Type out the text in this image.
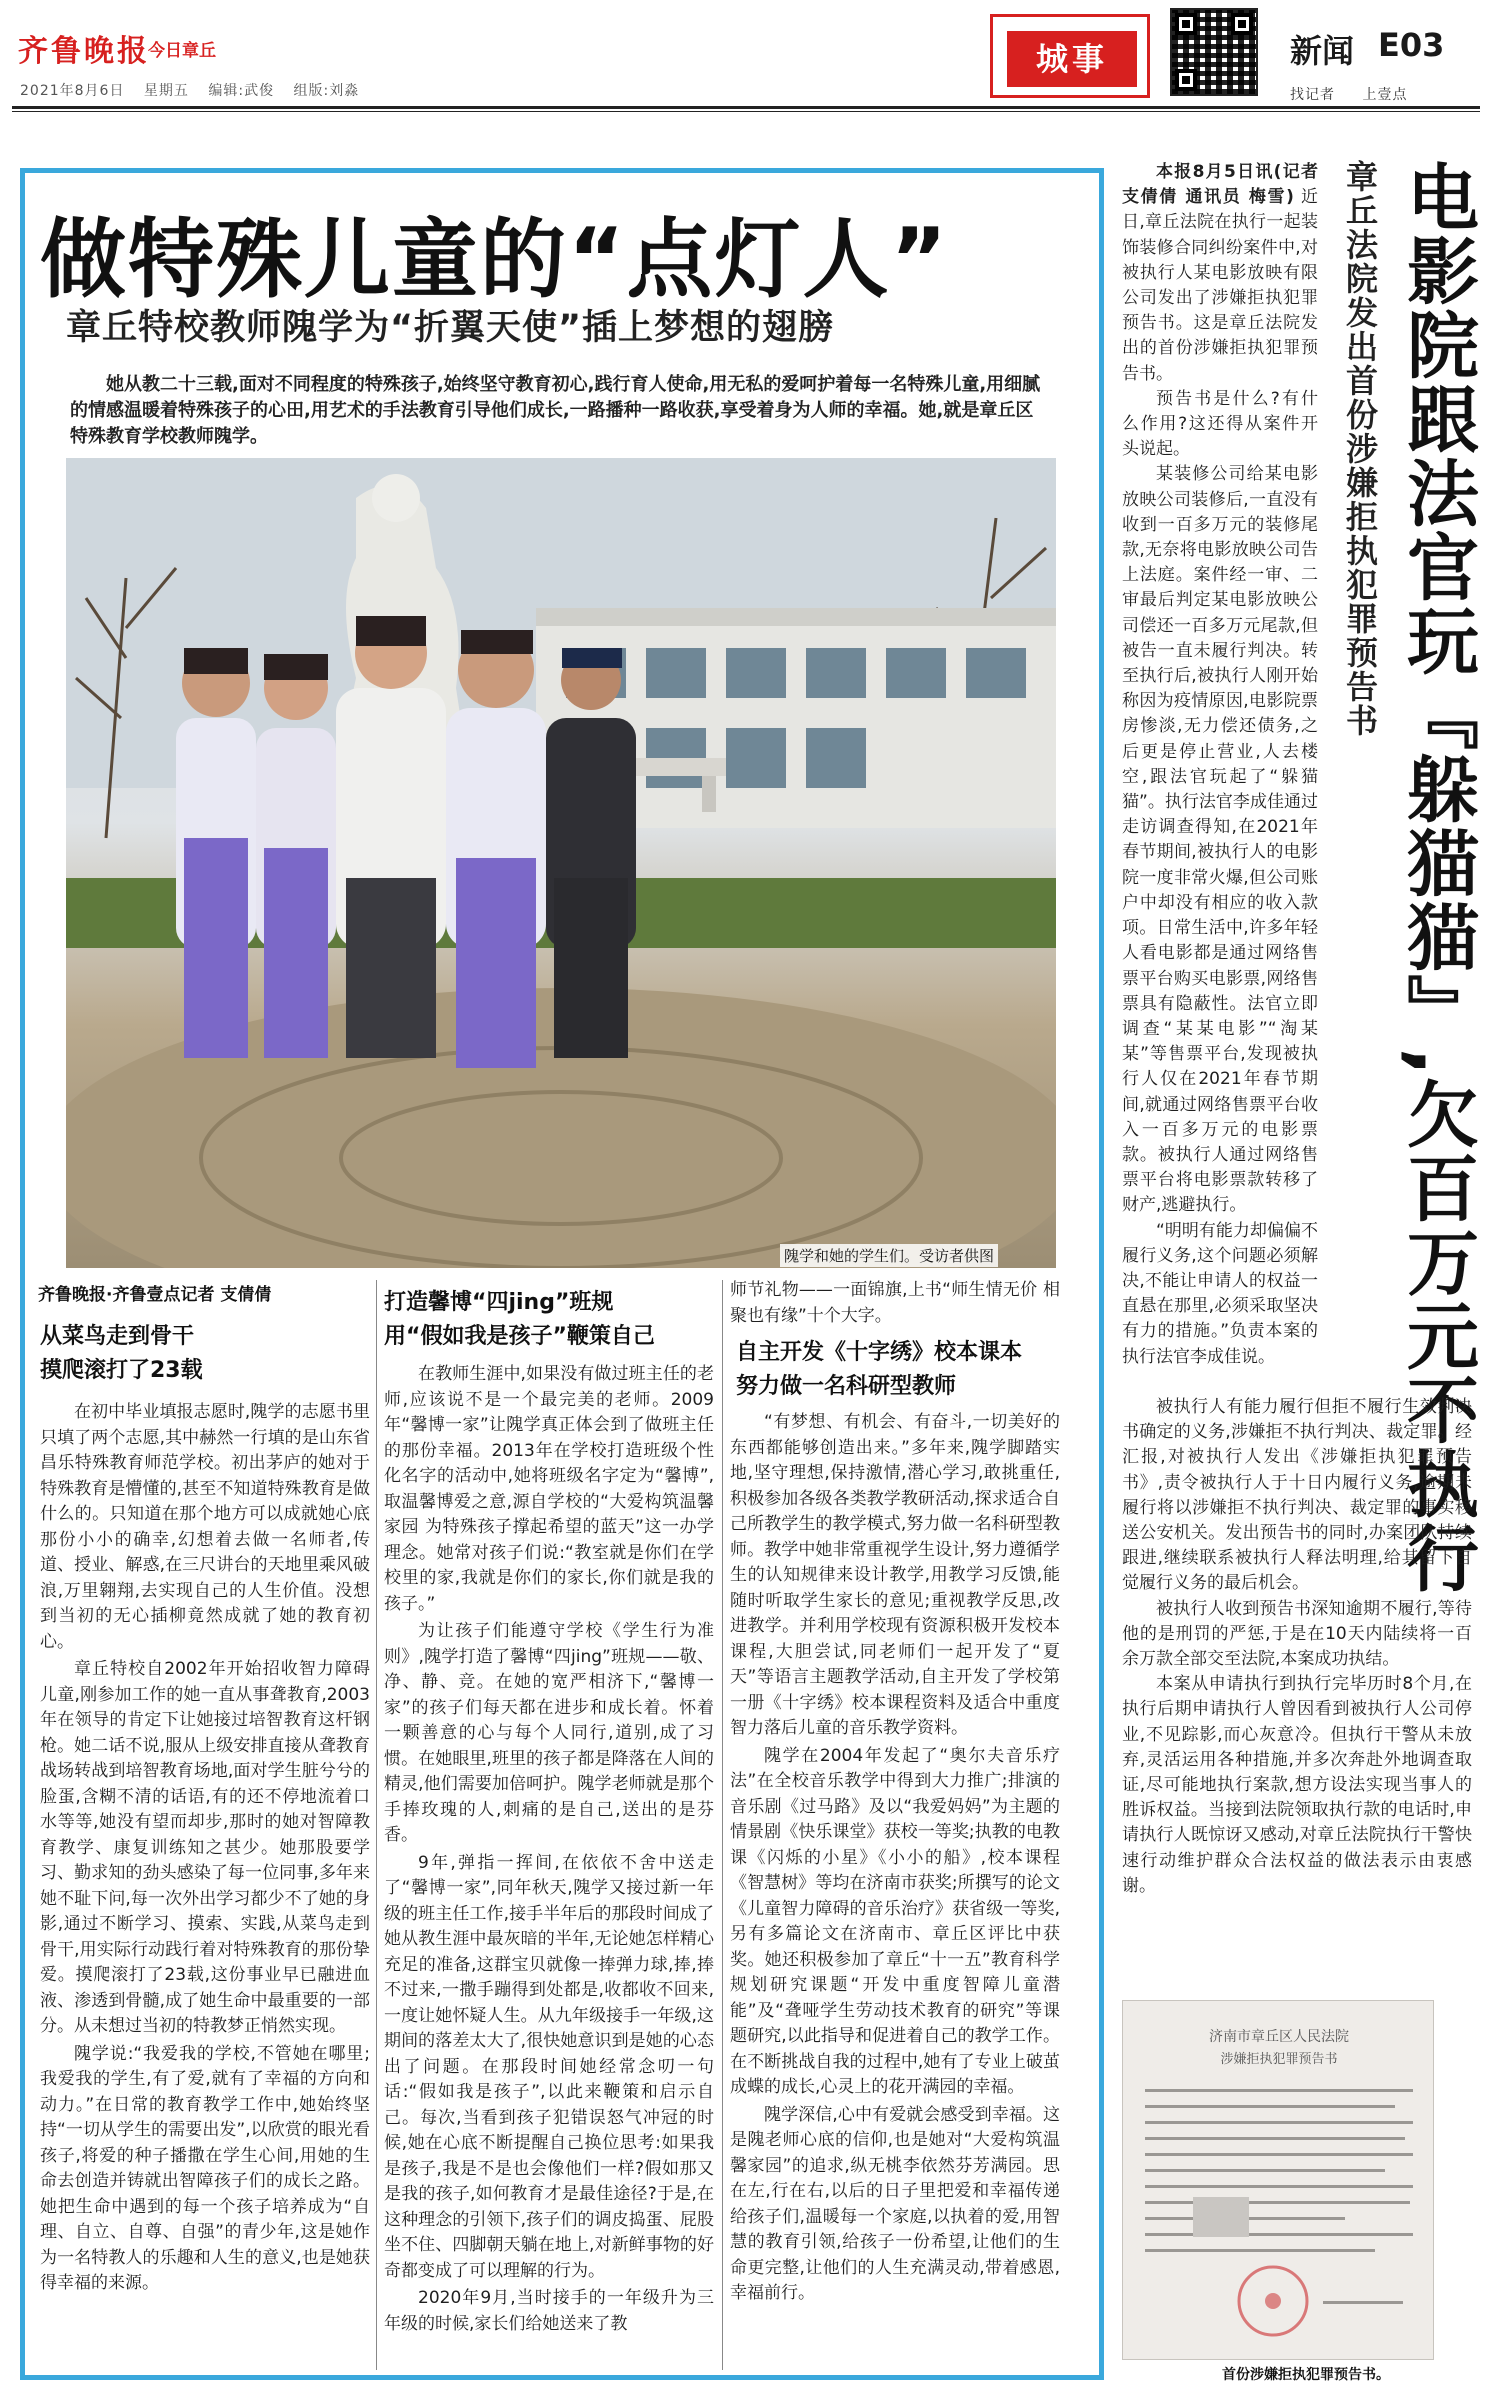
齐鲁晚报
今日章丘
2021年8月6日 星期五 编辑:武俊 组版:刘淼
城事	新闻 E03
找记者 上壹点
做特殊儿童的“点灯人”
章丘特校教师隗学为“折翼天使”插上梦想的翅膀
她从教二十三载,面对不同程度的特殊孩子,始终坚守教育初心,践行育人使命,用无私的爱呵护着每一名特殊儿童,用细腻的情感温暖着特殊孩子的心田,用艺术的手法教育引导他们成长,一路播种一路收获,享受着身为人师的幸福。她,就是章丘区特殊教育学校教师隗学。
隗学和她的学生们。受访者供图
齐鲁晚报·齐鲁壹点记者 支倩倩
从菜鸟走到骨干
摸爬滚打了23载

在初中毕业填报志愿时,隗学的志愿书里只填了两个志愿,其中赫然一行填的是山东省昌乐特殊教育师范学校。初出茅庐的她对于特殊教育是懵懂的,甚至不知道特殊教育是做什么的。只知道在那个地方可以成就她心底那份小小的确幸,幻想着去做一名师者,传道、授业、解惑,在三尺讲台的天地里乘风破浪,万里翱翔,去实现自己的人生价值。没想到当初的无心插柳竟然成就了她的教育初心。

章丘特校自2002年开始招收智力障碍儿童,刚参加工作的她一直从事聋教育,2003年在领导的肯定下让她接过培智教育这杆钢枪。她二话不说,服从上级安排直接从聋教育战场转战到培智教育场地,面对学生脏兮兮的脸蛋,含糊不清的话语,有的还不停地流着口水等等,她没有望而却步,那时的她对智障教育教学、康复训练知之甚少。她那股要学习、勤求知的劲头感染了每一位同事,多年来她不耻下问,每一次外出学习都少不了她的身影,通过不断学习、摸索、实践,从菜鸟走到骨干,用实际行动践行着对特殊教育的那份挚爱。摸爬滚打了23载,这份事业早已融进血液、渗透到骨髓,成了她生命中最重要的一部分。从未想过当初的特教梦正悄然实现。

隗学说:“我爱我的学校,不管她在哪里;我爱我的学生,有了爱,就有了幸福的方向和动力。”在日常的教育教学工作中,她始终坚持“一切从学生的需要出发”,以欣赏的眼光看孩子,将爱的种子播撒在学生心间,用她的生命去创造并铸就出智障孩子们的成长之路。她把生命中遇到的每一个孩子培养成为“自理、自立、自尊、自强”的青少年,这是她作为一名特教人的乐趣和人生的意义,也是她获得幸福的来源。

打造馨博“四jing”班规
用“假如我是孩子”鞭策自己

在教师生涯中,如果没有做过班主任的老师,应该说不是一个最完美的老师。2009年“馨博一家”让隗学真正体会到了做班主任的那份幸福。2013年在学校打造班级个性化名字的活动中,她将班级名字定为“馨博”,取温馨博爱之意,源自学校的“大爱构筑温馨家园 为特殊孩子撑起希望的蓝天”这一办学理念。她常对孩子们说:“教室就是你们在学校里的家,我就是你们的家长,你们就是我的孩子。”

为让孩子们能遵守学校《学生行为准则》,隗学打造了馨博“四jing”班规——敬、净、静、竞。在她的宽严相济下,“馨博一家”的孩子们每天都在进步和成长着。怀着一颗善意的心与每个人同行,道别,成了习惯。在她眼里,班里的孩子都是降落在人间的精灵,他们需要加倍呵护。隗学老师就是那个手捧玫瑰的人,刺痛的是自己,送出的是芬香。

9年,弹指一挥间,在依依不舍中送走了“馨博一家”,同年秋天,隗学又接过新一年级的班主任工作,接手半年后的那段时间成了她从教生涯中最灰暗的半年,无论她怎样精心充足的准备,这群宝贝就像一捧弹力球,捧,捧不过来,一撒手蹦得到处都是,收都收不回来,一度让她怀疑人生。从九年级接手一年级,这期间的落差太大了,很快她意识到是她的心态出了问题。在那段时间她经常念叨一句话:“假如我是孩子”,以此来鞭策和启示自己。每次,当看到孩子犯错误怒气冲冠的时候,她在心底不断提醒自己换位思考:如果我是孩子,我是不是也会像他们一样?假如那又是我的孩子,如何教育才是最佳途径?于是,在这种理念的引领下,孩子们的调皮捣蛋、屁股坐不住、四脚朝天躺在地上,对新鲜事物的好奇都变成了可以理解的行为。

2020年9月,当时接手的一年级升为三年级的时候,家长们给她送来了教

师节礼物——一面锦旗,上书“师生情无价 相聚也有缘”十个大字。

自主开发《十字绣》校本课本
努力做一名科研型教师

“有梦想、有机会、有奋斗,一切美好的东西都能够创造出来。”多年来,隗学脚踏实地,坚守理想,保持激情,潜心学习,敢挑重任,积极参加各级各类教学教研活动,探求适合自己所教学生的教学模式,努力做一名科研型教师。教学中她非常重视学生设计,努力遵循学生的认知规律来设计教学,用教学习反馈,能随时听取学生家长的意见;重视教学反思,改进教学。并利用学校现有资源积极开发校本课程,大胆尝试,同老师们一起开发了“夏天”等语言主题教学活动,自主开发了学校第一册《十字绣》校本课程资料及适合中重度智力落后儿童的音乐教学资料。

隗学在2004年发起了“奥尔夫音乐疗法”在全校音乐教学中得到大力推广;排演的音乐剧《过马路》及以“我爱妈妈”为主题的情景剧《快乐课堂》获校一等奖;执教的电教课《闪烁的小星》《小小的船》,校本课程《智慧树》等均在济南市获奖;所撰写的论文《儿童智力障碍的音乐治疗》获省级一等奖,另有多篇论文在济南市、章丘区评比中获奖。她还积极参加了章丘“十一五”教育科学规划研究课题“开发中重度智障儿童潜能”及“聋哑学生劳动技术教育的研究”等课题研究,以此指导和促进着自己的教学工作。在不断挑战自我的过程中,她有了专业上破茧成蝶的成长,心灵上的花开满园的幸福。

隗学深信,心中有爱就会感受到幸福。这是隗老师心底的信仰,也是她对“大爱构筑温馨家园”的追求,纵无桃李依然芬芳满园。思在左,行在右,以后的日子里把爱和幸福传递给孩子们,温暖每一个家庭,以执着的爱,用智慧的教育引领,给孩子一份希望,让他们的生命更完整,让他们的人生充满灵动,带着感恩,幸福前行。

电影院跟法官玩『躲猫猫』,欠百万元不执行
章丘法院发出首份涉嫌拒执犯罪预告书

本报8月5日讯(记者 支倩倩 通讯员 梅雪) 近日,章丘法院在执行一起装饰装修合同纠纷案件中,对被执行人某电影放映有限公司发出了涉嫌拒执犯罪预告书。这是章丘法院发出的首份涉嫌拒执犯罪预告书。

预告书是什么?有什么作用?这还得从案件开头说起。

某装修公司给某电影放映公司装修后,一直没有收到一百多万元的装修尾款,无奈将电影放映公司告上法庭。案件经一审、二审最后判定某电影放映公司偿还一百多万元尾款,但被告一直未履行判决。转至执行后,被执行人刚开始称因为疫情原因,电影院票房惨淡,无力偿还债务,之后更是停止营业,人去楼空,跟法官玩起了“躲猫猫”。执行法官李成佳通过走访调查得知,在2021年春节期间,被执行人的电影院一度非常火爆,但公司账户中却没有相应的收入款项。日常生活中,许多年轻人看电影都是通过网络售票平台购买电影票,网络售票具有隐蔽性。法官立即调查“某某电影”“淘某某”等售票平台,发现被执行人仅在2021年春节期间,就通过网络售票平台收入一百多万元的电影票款。被执行人通过网络售票平台将电影票款转移了财产,逃避执行。

“明明有能力却偏偏不履行义务,这个问题必须解决,不能让申请人的权益一直悬在那里,必须采取坚决有力的措施。”负责本案的执行法官李成佳说。

被执行人有能力履行但拒不履行生效判决书确定的义务,涉嫌拒不执行判决、裁定罪。经汇报,对被执行人发出《涉嫌拒执犯罪预告书》,责令被执行人于十日内履行义务,逾期未履行将以涉嫌拒不执行判决、裁定罪的事实移送公安机关。发出预告书的同时,办案团队持续跟进,继续联系被执行人释法明理,给其留下自觉履行义务的最后机会。

被执行人收到预告书深知逾期不履行,等待他的是刑罚的严惩,于是在10天内陆续将一百余万款全部交至法院,本案成功执结。

本案从申请执行到执行完毕历时8个月,在执行后期申请执行人曾因看到被执行人公司停业,不见踪影,而心灰意冷。但执行干警从未放弃,灵活运用各种措施,并多次奔赴外地调查取证,尽可能地执行案款,想方设法实现当事人的胜诉权益。当接到法院领取执行款的电话时,申请执行人既惊讶又感动,对章丘法院执行干警快速行动维护群众合法权益的做法表示由衷感谢。

济南市章丘区人民法院
涉嫌拒执犯罪预告书
首份涉嫌拒执犯罪预告书。
